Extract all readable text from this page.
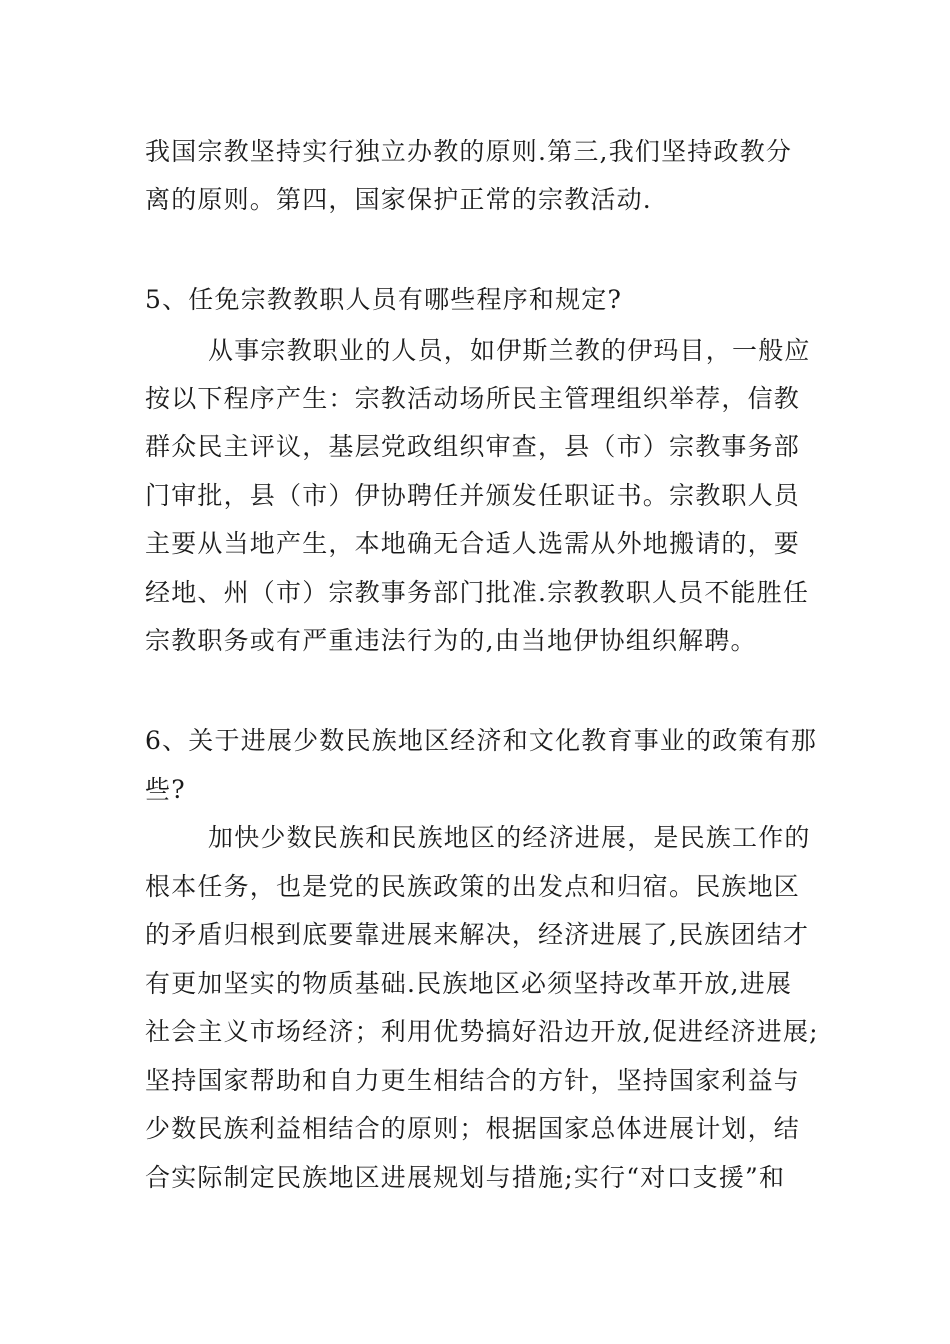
我国宗教坚持实行独立办教的原则.第三,我们坚持政教分
离的原则。第四，国家保护正常的宗教活动.
5、任免宗教教职人员有哪些程序和规定?
从事宗教职业的人员，如伊斯兰教的伊玛目，一般应
按以下程序产生：宗教活动场所民主管理组织举荐，信教
群众民主评议，基层党政组织审查，县（市）宗教事务部
门审批，县（市）伊协聘任并颁发任职证书。宗教职人员
主要从当地产生，本地确无合适人选需从外地搬请的，要
经地、州（市）宗教事务部门批准.宗教教职人员不能胜任
宗教职务或有严重违法行为的,由当地伊协组织解聘。
6、关于进展少数民族地区经济和文化教育事业的政策有那
些?
加快少数民族和民族地区的经济进展，是民族工作的
根本任务，也是党的民族政策的出发点和归宿。民族地区
的矛盾归根到底要靠进展来解决，经济进展了,民族团结才
有更加坚实的物质基础.民族地区必须坚持改革开放,进展
社会主义市场经济；利用优势搞好沿边开放,促进经济进展;
坚持国家帮助和自力更生相结合的方针，坚持国家利益与
少数民族利益相结合的原则；根据国家总体进展计划，结
合实际制定民族地区进展规划与措施;实行“对口支援”和
